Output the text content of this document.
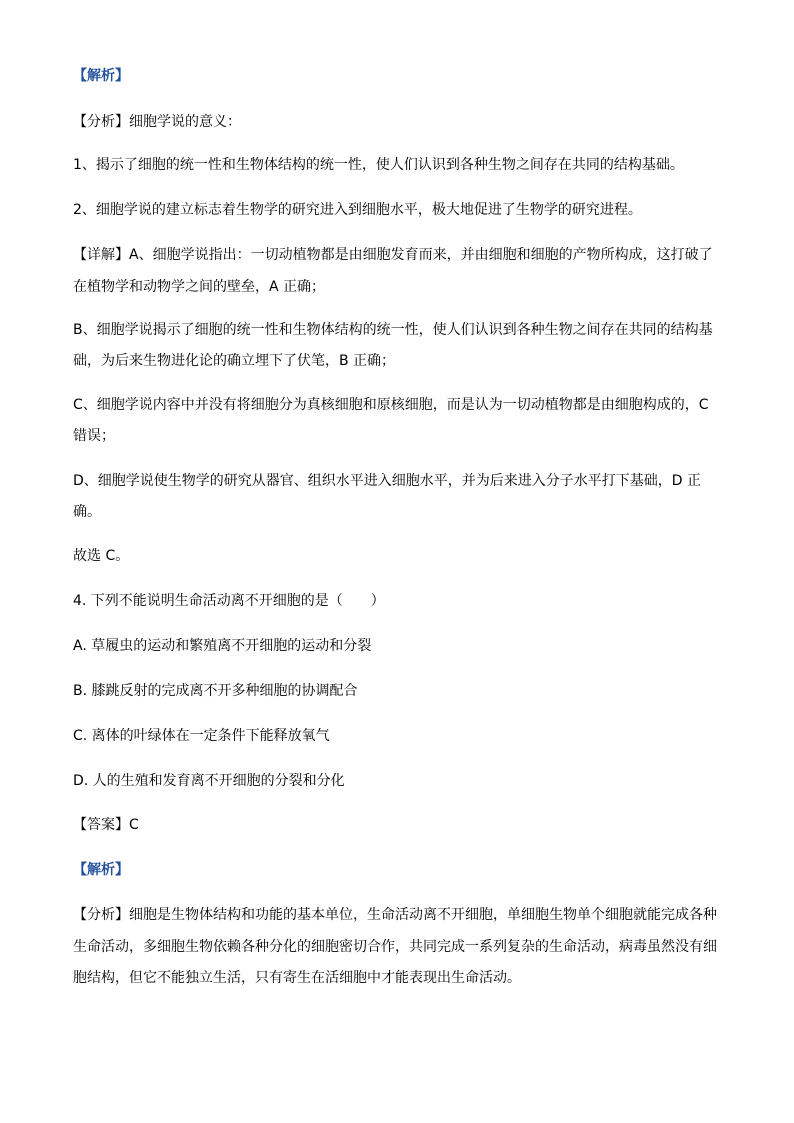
【解析】
【分析】细胞学说的意义：
1、揭示了细胞的统一性和生物体结构的统一性，使人们认识到各种生物之间存在共同的结构基础。
2、细胞学说的建立标志着生物学的研究进入到细胞水平，极大地促进了生物学的研究进程。
【详解】A、细胞学说指出：一切动植物都是由细胞发育而来，并由细胞和细胞的产物所构成，这打破了
在植物学和动物学之间的壁垒，A 正确；
B、细胞学说揭示了细胞的统一性和生物体结构的统一性，使人们认识到各种生物之间存在共同的结构基
础，为后来生物进化论的确立埋下了伏笔，B 正确；
C、细胞学说内容中并没有将细胞分为真核细胞和原核细胞，而是认为一切动植物都是由细胞构成的，C
错误；
D、细胞学说使生物学的研究从器官、组织水平进入细胞水平，并为后来进入分子水平打下基础，D 正
确。
故选 C。
4. 下列不能说明生命活动离不开细胞的是（　　）
A. 草履虫的运动和繁殖离不开细胞的运动和分裂
B. 膝跳反射的完成离不开多种细胞的协调配合
C. 离体的叶绿体在一定条件下能释放氧气
D. 人的生殖和发育离不开细胞的分裂和分化
【答案】C
【解析】
【分析】细胞是生物体结构和功能的基本单位，生命活动离不开细胞，单细胞生物单个细胞就能完成各种
生命活动，多细胞生物依赖各种分化的细胞密切合作，共同完成一系列复杂的生命活动，病毒虽然没有细
胞结构，但它不能独立生活，只有寄生在活细胞中才能表现出生命活动。
